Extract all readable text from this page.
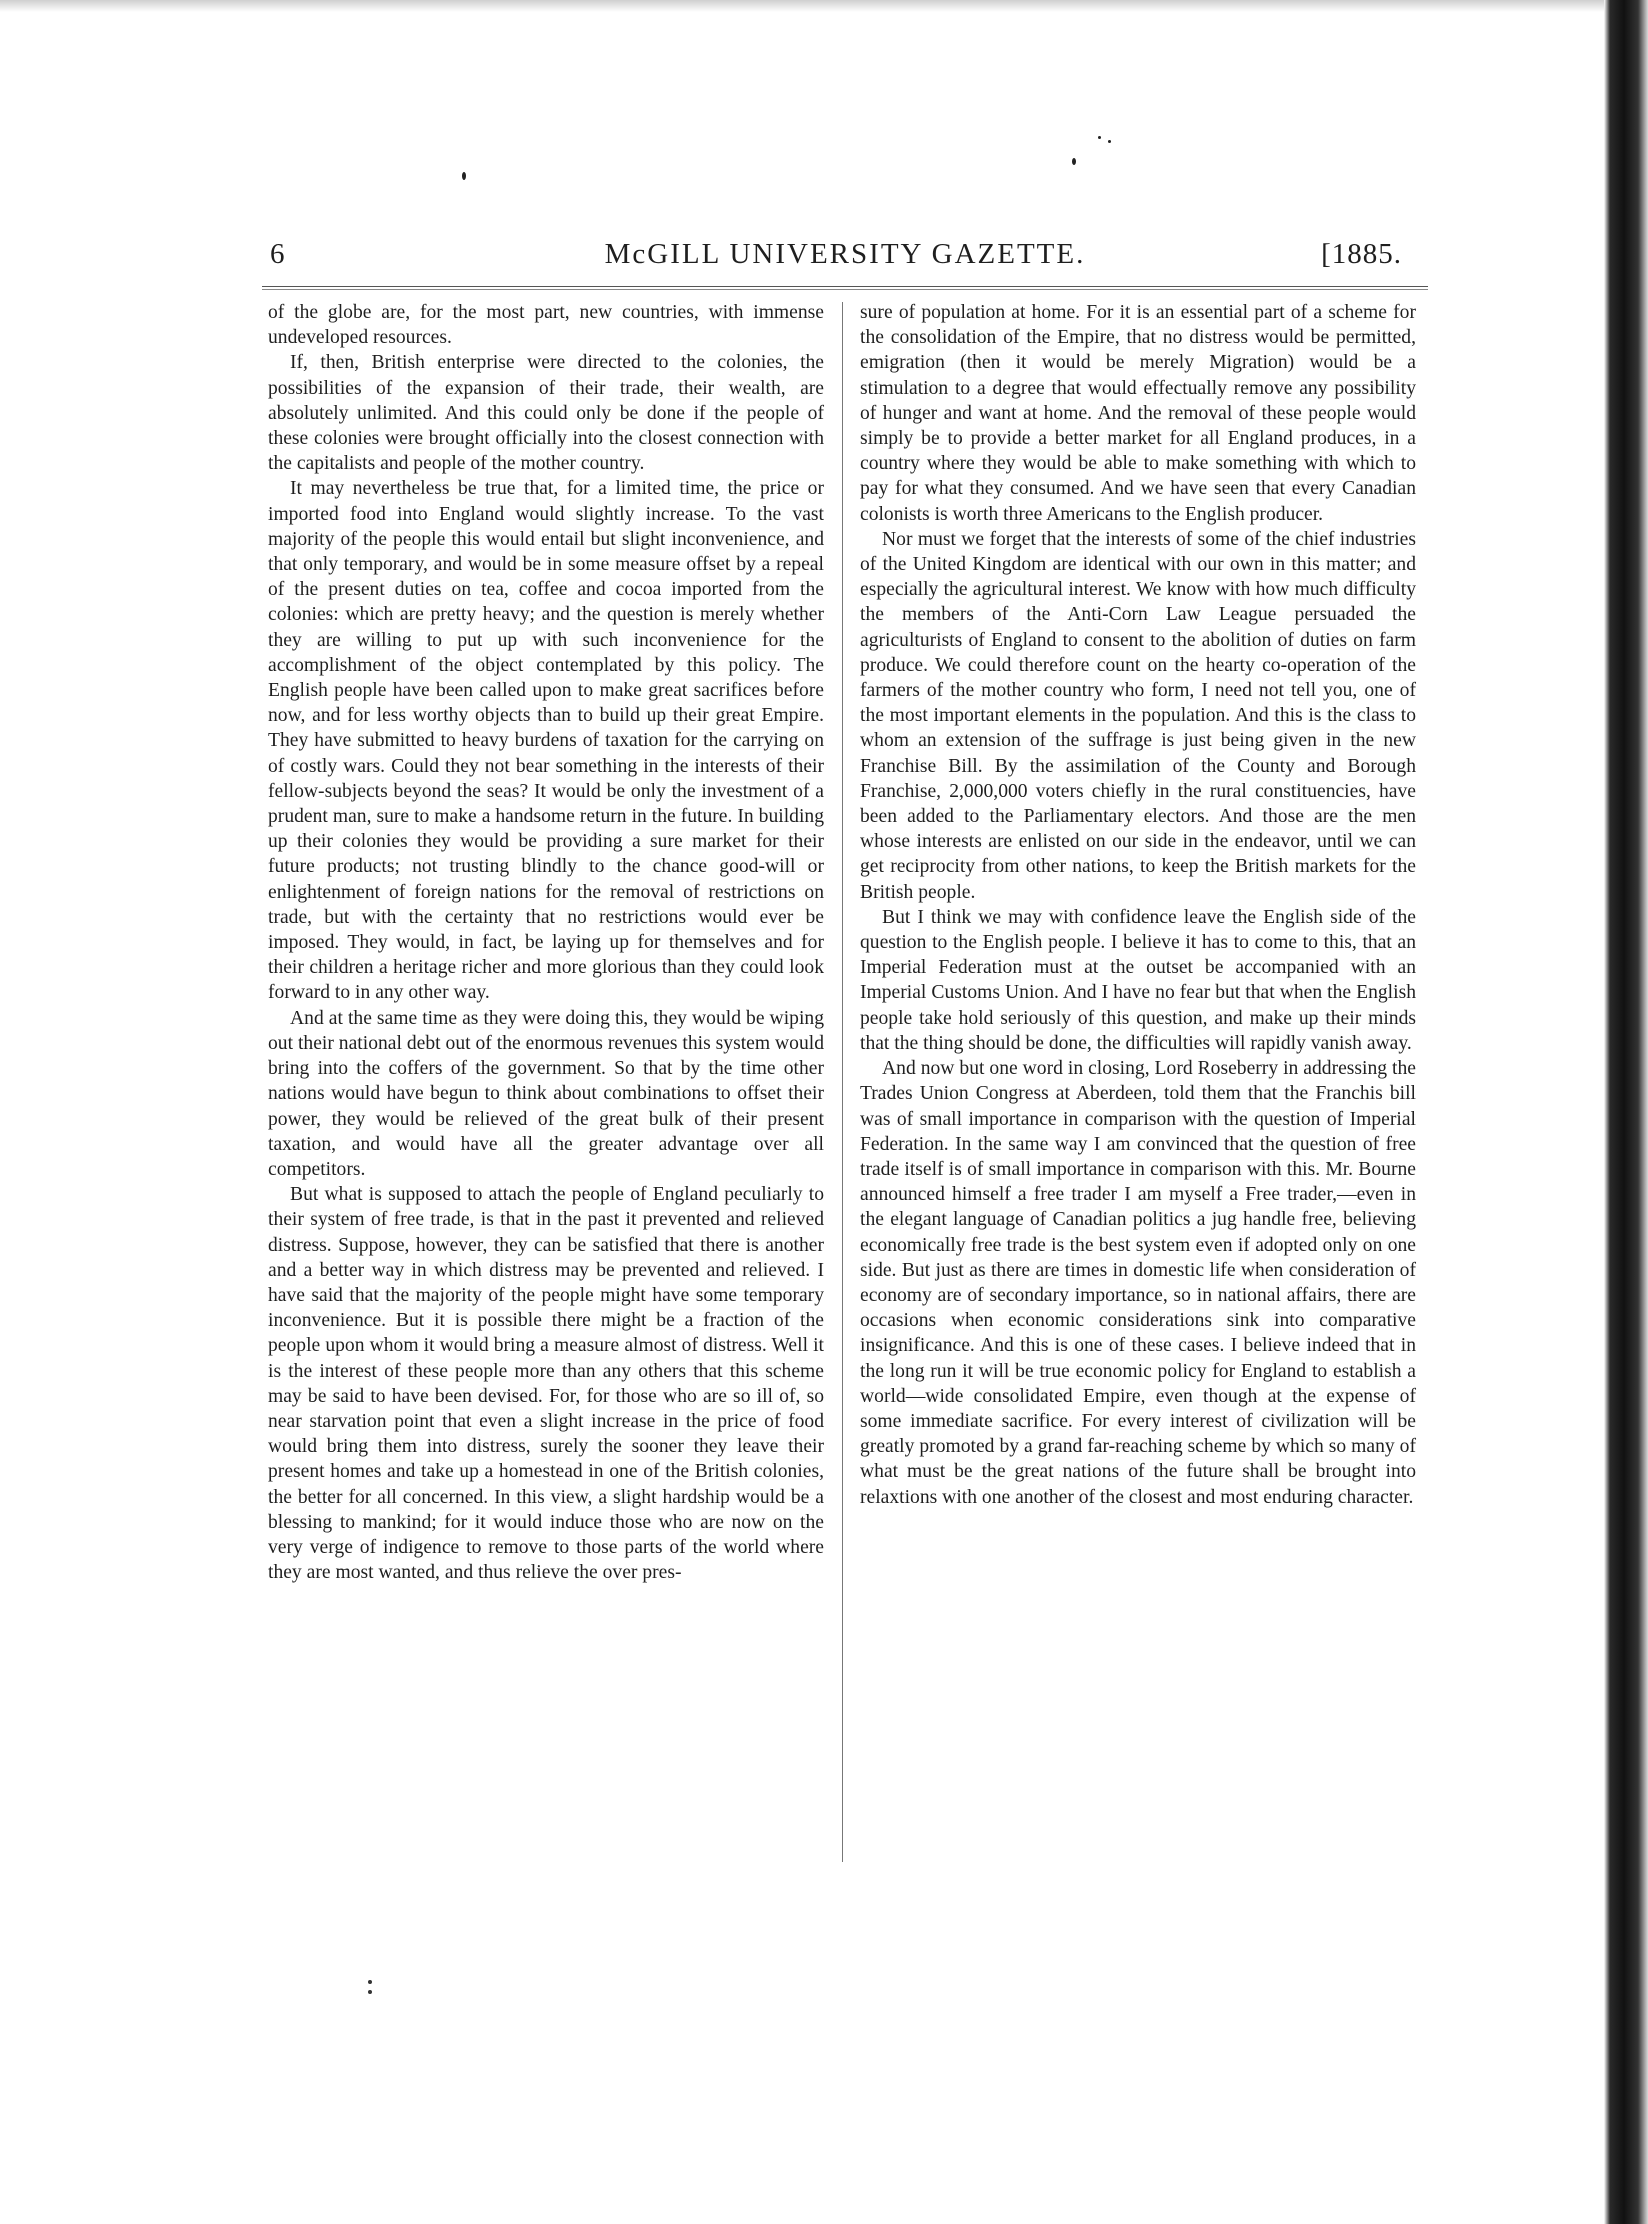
6	McGILL UNIVERSITY GAZETTE.	[1885.

of the globe are, for the most part, new countries, with immense undeveloped resources.

If, then, British enterprise were directed to the colonies, the possibilities of the expansion of their trade, their wealth, are absolutely unlimited. And this could only be done if the people of these colonies were brought officially into the closest connection with the capitalists and people of the mother country.

It may nevertheless be true that, for a limited time, the price or imported food into England would slightly increase. To the vast majority of the people this would entail but slight inconvenience, and that only temporary, and would be in some measure offset by a repeal of the present duties on tea, coffee and cocoa imported from the colonies: which are pretty heavy; and the question is merely whether they are willing to put up with such inconvenience for the accomplishment of the object contemplated by this policy. The English people have been called upon to make great sacrifices before now, and for less worthy objects than to build up their great Empire. They have submitted to heavy burdens of taxation for the carrying on of costly wars. Could they not bear something in the interests of their fellow-subjects beyond the seas? It would be only the investment of a prudent man, sure to make a handsome return in the future. In building up their colonies they would be providing a sure market for their future products; not trusting blindly to the chance good-will or enlightenment of foreign nations for the removal of restrictions on trade, but with the certainty that no restrictions would ever be imposed. They would, in fact, be laying up for themselves and for their children a heritage richer and more glorious than they could look forward to in any other way.

And at the same time as they were doing this, they would be wiping out their national debt out of the enormous revenues this system would bring into the coffers of the government. So that by the time other nations would have begun to think about combinations to offset their power, they would be relieved of the great bulk of their present taxation, and would have all the greater advantage over all competitors.

But what is supposed to attach the people of England peculiarly to their system of free trade, is that in the past it prevented and relieved distress. Suppose, however, they can be satisfied that there is another and a better way in which distress may be prevented and relieved. I have said that the majority of the people might have some temporary inconvenience. But it is possible there might be a fraction of the people upon whom it would bring a measure almost of distress. Well it is the interest of these people more than any others that this scheme may be said to have been devised. For, for those who are so ill of, so near starvation point that even a slight increase in the price of food would bring them into distress, surely the sooner they leave their present homes and take up a homestead in one of the British colonies, the better for all concerned. In this view, a slight hardship would be a blessing to mankind; for it would induce those who are now on the very verge of indigence to remove to those parts of the world where they are most wanted, and thus relieve the over pres-

sure of population at home. For it is an essential part of a scheme for the consolidation of the Empire, that no distress would be permitted, emigration (then it would be merely Migration) would be a stimulation to a degree that would effectually remove any possibility of hunger and want at home. And the removal of these people would simply be to provide a better market for all England produces, in a country where they would be able to make something with which to pay for what they consumed. And we have seen that every Canadian colonists is worth three Americans to the English producer.

Nor must we forget that the interests of some of the chief industries of the United Kingdom are identical with our own in this matter; and especially the agricultural interest. We know with how much difficulty the members of the Anti-Corn Law League persuaded the agriculturists of England to consent to the abolition of duties on farm produce. We could therefore count on the hearty co-operation of the farmers of the mother country who form, I need not tell you, one of the most important elements in the population. And this is the class to whom an extension of the suffrage is just being given in the new Franchise Bill. By the assimilation of the County and Borough Franchise, 2,000,000 voters chiefly in the rural constituencies, have been added to the Parliamentary electors. And those are the men whose interests are enlisted on our side in the endeavor, until we can get reciprocity from other nations, to keep the British markets for the British people.

But I think we may with confidence leave the English side of the question to the English people. I believe it has to come to this, that an Imperial Federation must at the outset be accompanied with an Imperial Customs Union. And I have no fear but that when the English people take hold seriously of this question, and make up their minds that the thing should be done, the difficulties will rapidly vanish away.

And now but one word in closing, Lord Roseberry in addressing the Trades Union Congress at Aberdeen, told them that the Franchis bill was of small importance in comparison with the question of Imperial Federation. In the same way I am convinced that the question of free trade itself is of small importance in comparison with this. Mr. Bourne announced himself a free trader I am myself a Free trader,—even in the elegant language of Canadian politics a jug handle free, believing economically free trade is the best system even if adopted only on one side. But just as there are times in domestic life when consideration of economy are of secondary importance, so in national affairs, there are occasions when economic considerations sink into comparative insignificance. And this is one of these cases. I believe indeed that in the long run it will be true economic policy for England to establish a world—wide consolidated Empire, even though at the expense of some immediate sacrifice. For every interest of civilization will be greatly promoted by a grand far-reaching scheme by which so many of what must be the great nations of the future shall be brought into relaxtions with one another of the closest and most enduring character.
